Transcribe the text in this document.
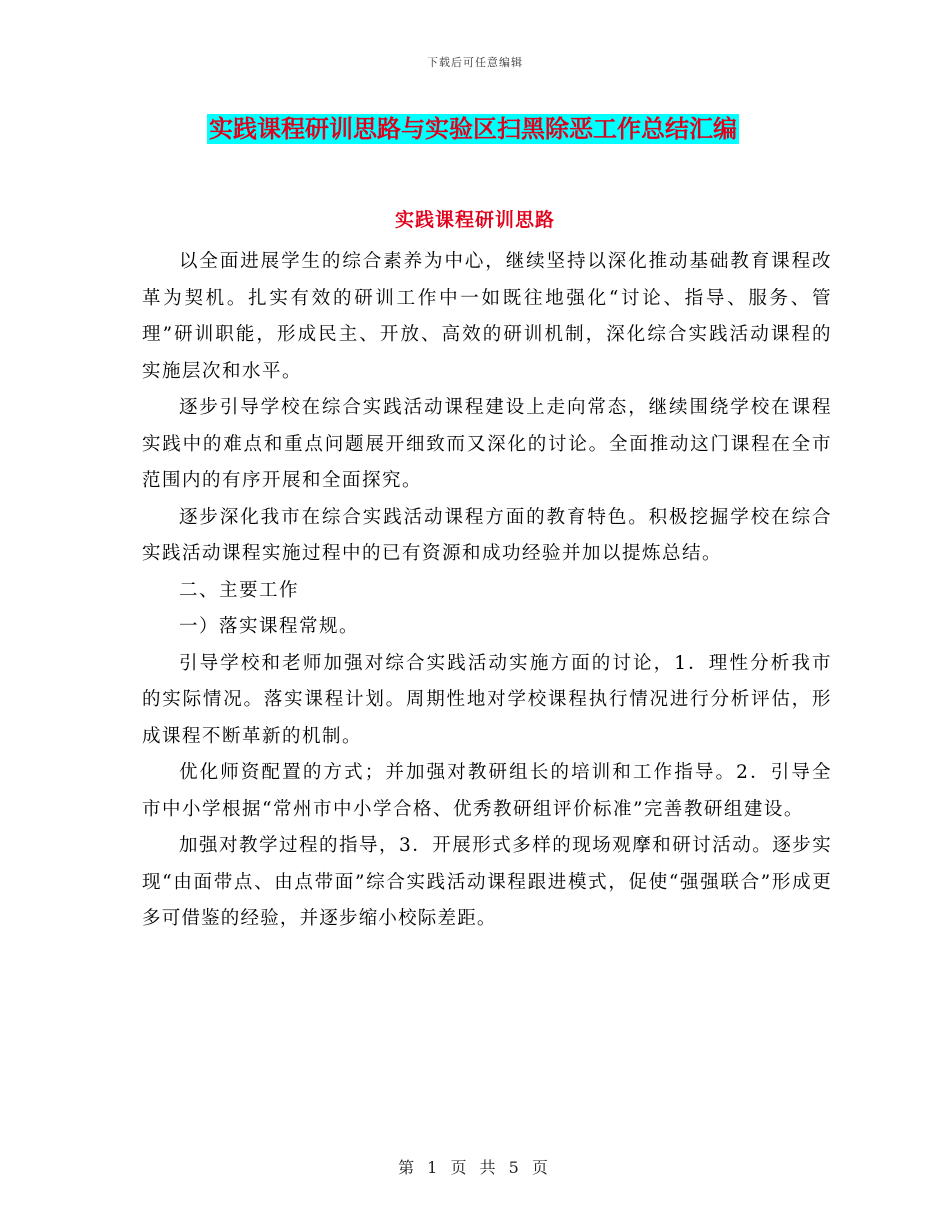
下载后可任意编辑
实践课程研训思路与实验区扫黑除恶工作总结汇编
实践课程研训思路

以全面进展学生的综合素养为中心，继续坚持以深化推动基础教育课程改革为契机。扎实有效的研训工作中一如既往地强化“讨论、指导、服务、管理”研训职能，形成民主、开放、高效的研训机制，深化综合实践活动课程的实施层次和水平。

逐步引导学校在综合实践活动课程建设上走向常态，继续围绕学校在课程实践中的难点和重点问题展开细致而又深化的讨论。全面推动这门课程在全市范围内的有序开展和全面探究。

逐步深化我市在综合实践活动课程方面的教育特色。积极挖掘学校在综合实践活动课程实施过程中的已有资源和成功经验并加以提炼总结。

二、主要工作

一）落实课程常规。

引导学校和老师加强对综合实践活动实施方面的讨论，1．理性分析我市的实际情况。落实课程计划。周期性地对学校课程执行情况进行分析评估，形成课程不断革新的机制。

优化师资配置的方式；并加强对教研组长的培训和工作指导。2．引导全市中小学根据“常州市中小学合格、优秀教研组评价标准”完善教研组建设。

加强对教学过程的指导，3．开展形式多样的现场观摩和研讨活动。逐步实现“由面带点、由点带面”综合实践活动课程跟进模式，促使“强强联合”形成更多可借鉴的经验，并逐步缩小校际差距。

第 1 页 共 5 页
